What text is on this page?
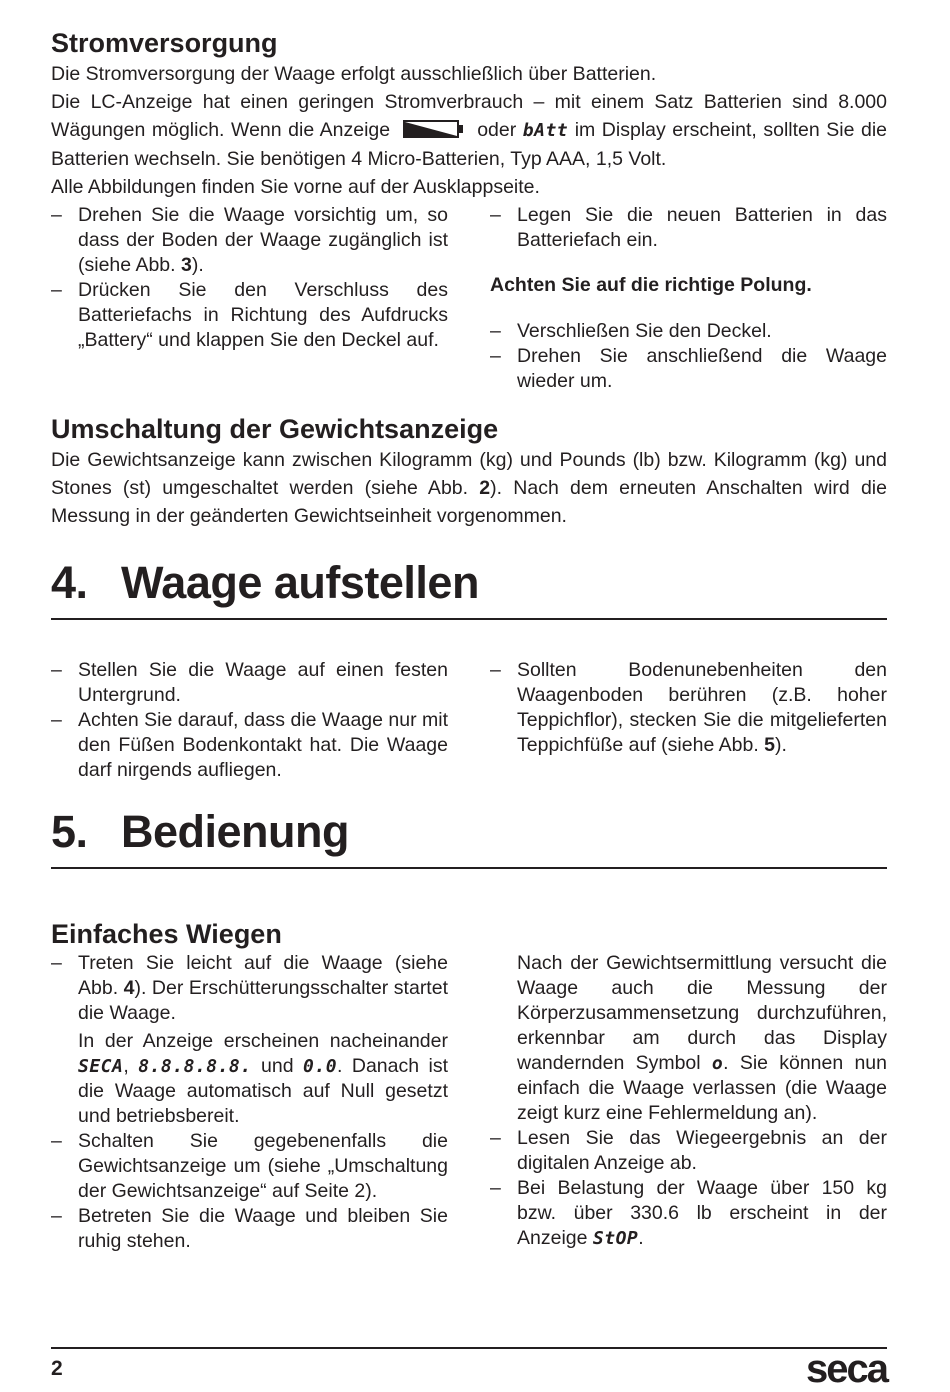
Stromversorgung

Die Stromversorgung der Waage erfolgt ausschließlich über Batterien.

Die LC-Anzeige hat einen geringen Stromverbrauch – mit einem Satz Batterien sind 8.000 Wägungen möglich. Wenn die Anzeige	oder bAtt im Display erscheint, sollten Sie die Batterien wechseln. Sie benötigen 4 Micro-Batterien, Typ AAA, 1,5 Volt.

Alle Abbildungen finden Sie vorne auf der Ausklappseite.

– Drehen Sie die Waage vorsichtig um, so dass der Boden der Waage zugänglich ist (siehe Abb. 3).
– Drücken Sie den Verschluss des Batteriefachs in Richtung des Aufdrucks „Battery“ und klappen Sie den Deckel auf.
– Legen Sie die neuen Batterien in das Batteriefach ein.
Achten Sie auf die richtige Polung.
– Verschließen Sie den Deckel.
– Drehen Sie anschließend die Waage wieder um.
Umschaltung der Gewichtsanzeige

Die Gewichtsanzeige kann zwischen Kilogramm (kg) und Pounds (lb) bzw. Kilogramm (kg) und Stones (st) umgeschaltet werden (siehe Abb. 2). Nach dem erneuten Anschalten wird die Messung in der geänderten Gewichtseinheit vorgenommen.

4. Waage aufstellen
– Stellen Sie die Waage auf einen festen Untergrund.
– Achten Sie darauf, dass die Waage nur mit den Füßen Bodenkontakt hat. Die Waage darf nirgends aufliegen.
– Sollten Bodenunebenheiten den Waagenboden berühren (z.B. hoher Teppichflor), stecken Sie die mitgelieferten Teppichfüße auf (siehe Abb. 5).
5. Bedienung
Einfaches Wiegen
– Treten Sie leicht auf die Waage (siehe Abb. 4). Der Erschütterungsschalter startet die Waage.
In der Anzeige erscheinen nacheinander SECA, 8.8.8.8.8. und 0.0. Danach ist die Waage automatisch auf Null gesetzt und betriebsbereit.
– Schalten Sie gegebenenfalls die Gewichtsanzeige um (siehe „Umschaltung der Gewichtsanzeige“ auf Seite 2).
– Betreten Sie die Waage und bleiben Sie ruhig stehen.
Nach der Gewichtsermittlung versucht die Waage auch die Messung der Körperzusammensetzung durchzuführen, erkennbar am durch das Display wandernden Symbol o. Sie können nun einfach die Waage verlassen (die Waage zeigt kurz eine Fehlermeldung an).
– Lesen Sie das Wiegeergebnis an der digitalen Anzeige ab.
– Bei Belastung der Waage über 150 kg bzw. über 330.6 lb erscheint in der Anzeige StOP.
2	seca
